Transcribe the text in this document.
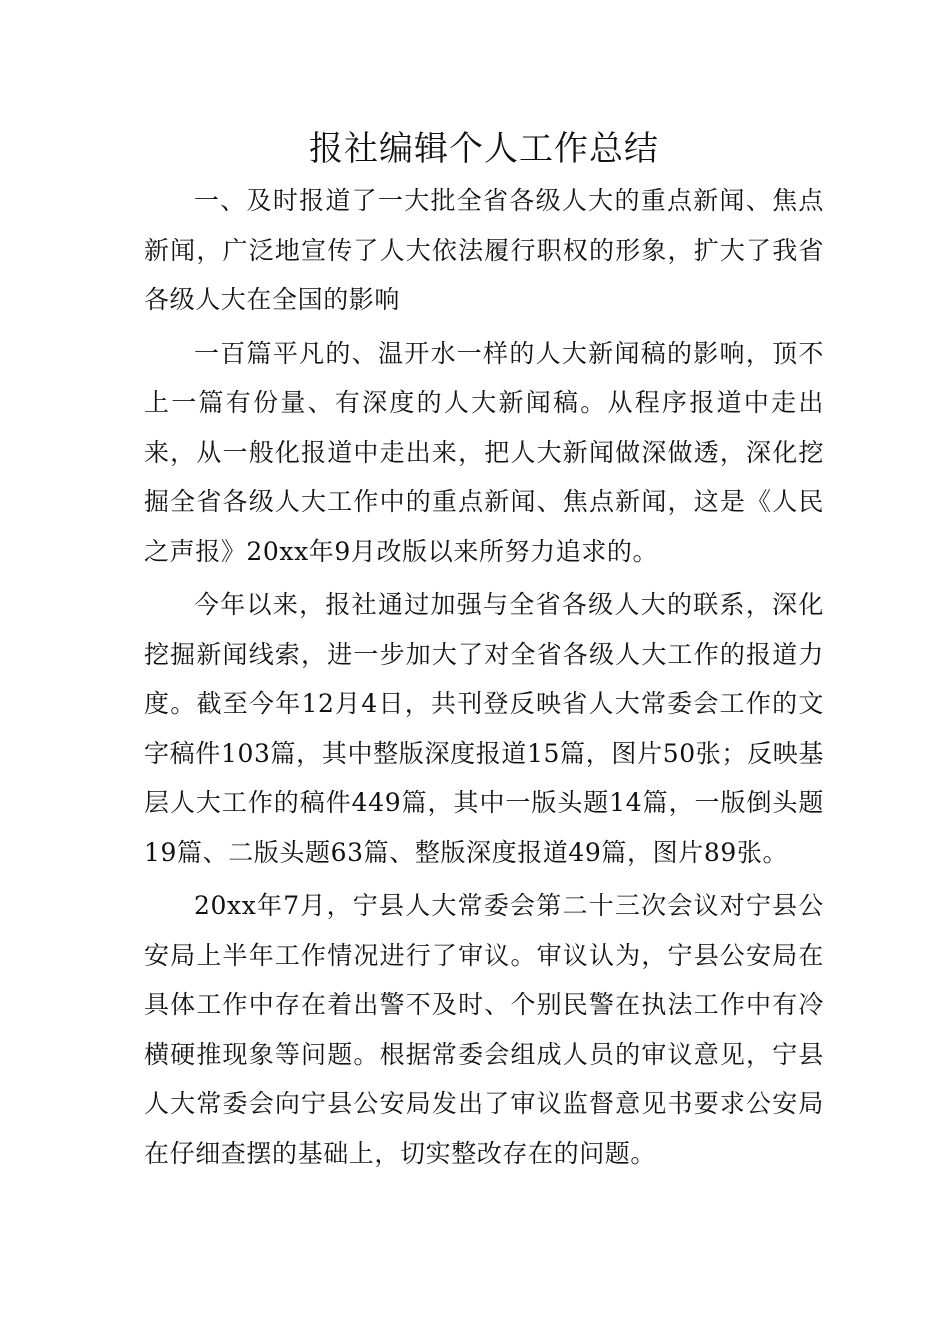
报社编辑个人工作总结

一、及时报道了一大批全省各级人大的重点新闻、焦点新闻，广泛地宣传了人大依法履行职权的形象，扩大了我省各级人大在全国的影响

一百篇平凡的、温开水一样的人大新闻稿的影响，顶不上一篇有份量、有深度的人大新闻稿。从程序报道中走出来，从一般化报道中走出来，把人大新闻做深做透，深化挖掘全省各级人大工作中的重点新闻、焦点新闻，这是《人民之声报》20xx年9月改版以来所努力追求的。

今年以来，报社通过加强与全省各级人大的联系，深化挖掘新闻线索，进一步加大了对全省各级人大工作的报道力度。截至今年12月4日，共刊登反映省人大常委会工作的文字稿件103篇，其中整版深度报道15篇，图片50张；反映基层人大工作的稿件449篇，其中一版头题14篇，一版倒头题19篇、二版头题63篇、整版深度报道49篇，图片89张。

20xx年7月，宁县人大常委会第二十三次会议对宁县公安局上半年工作情况进行了审议。审议认为，宁县公安局在具体工作中存在着出警不及时、个别民警在执法工作中有冷横硬推现象等问题。根据常委会组成人员的审议意见，宁县人大常委会向宁县公安局发出了审议监督意见书要求公安局在仔细查摆的基础上，切实整改存在的问题。
